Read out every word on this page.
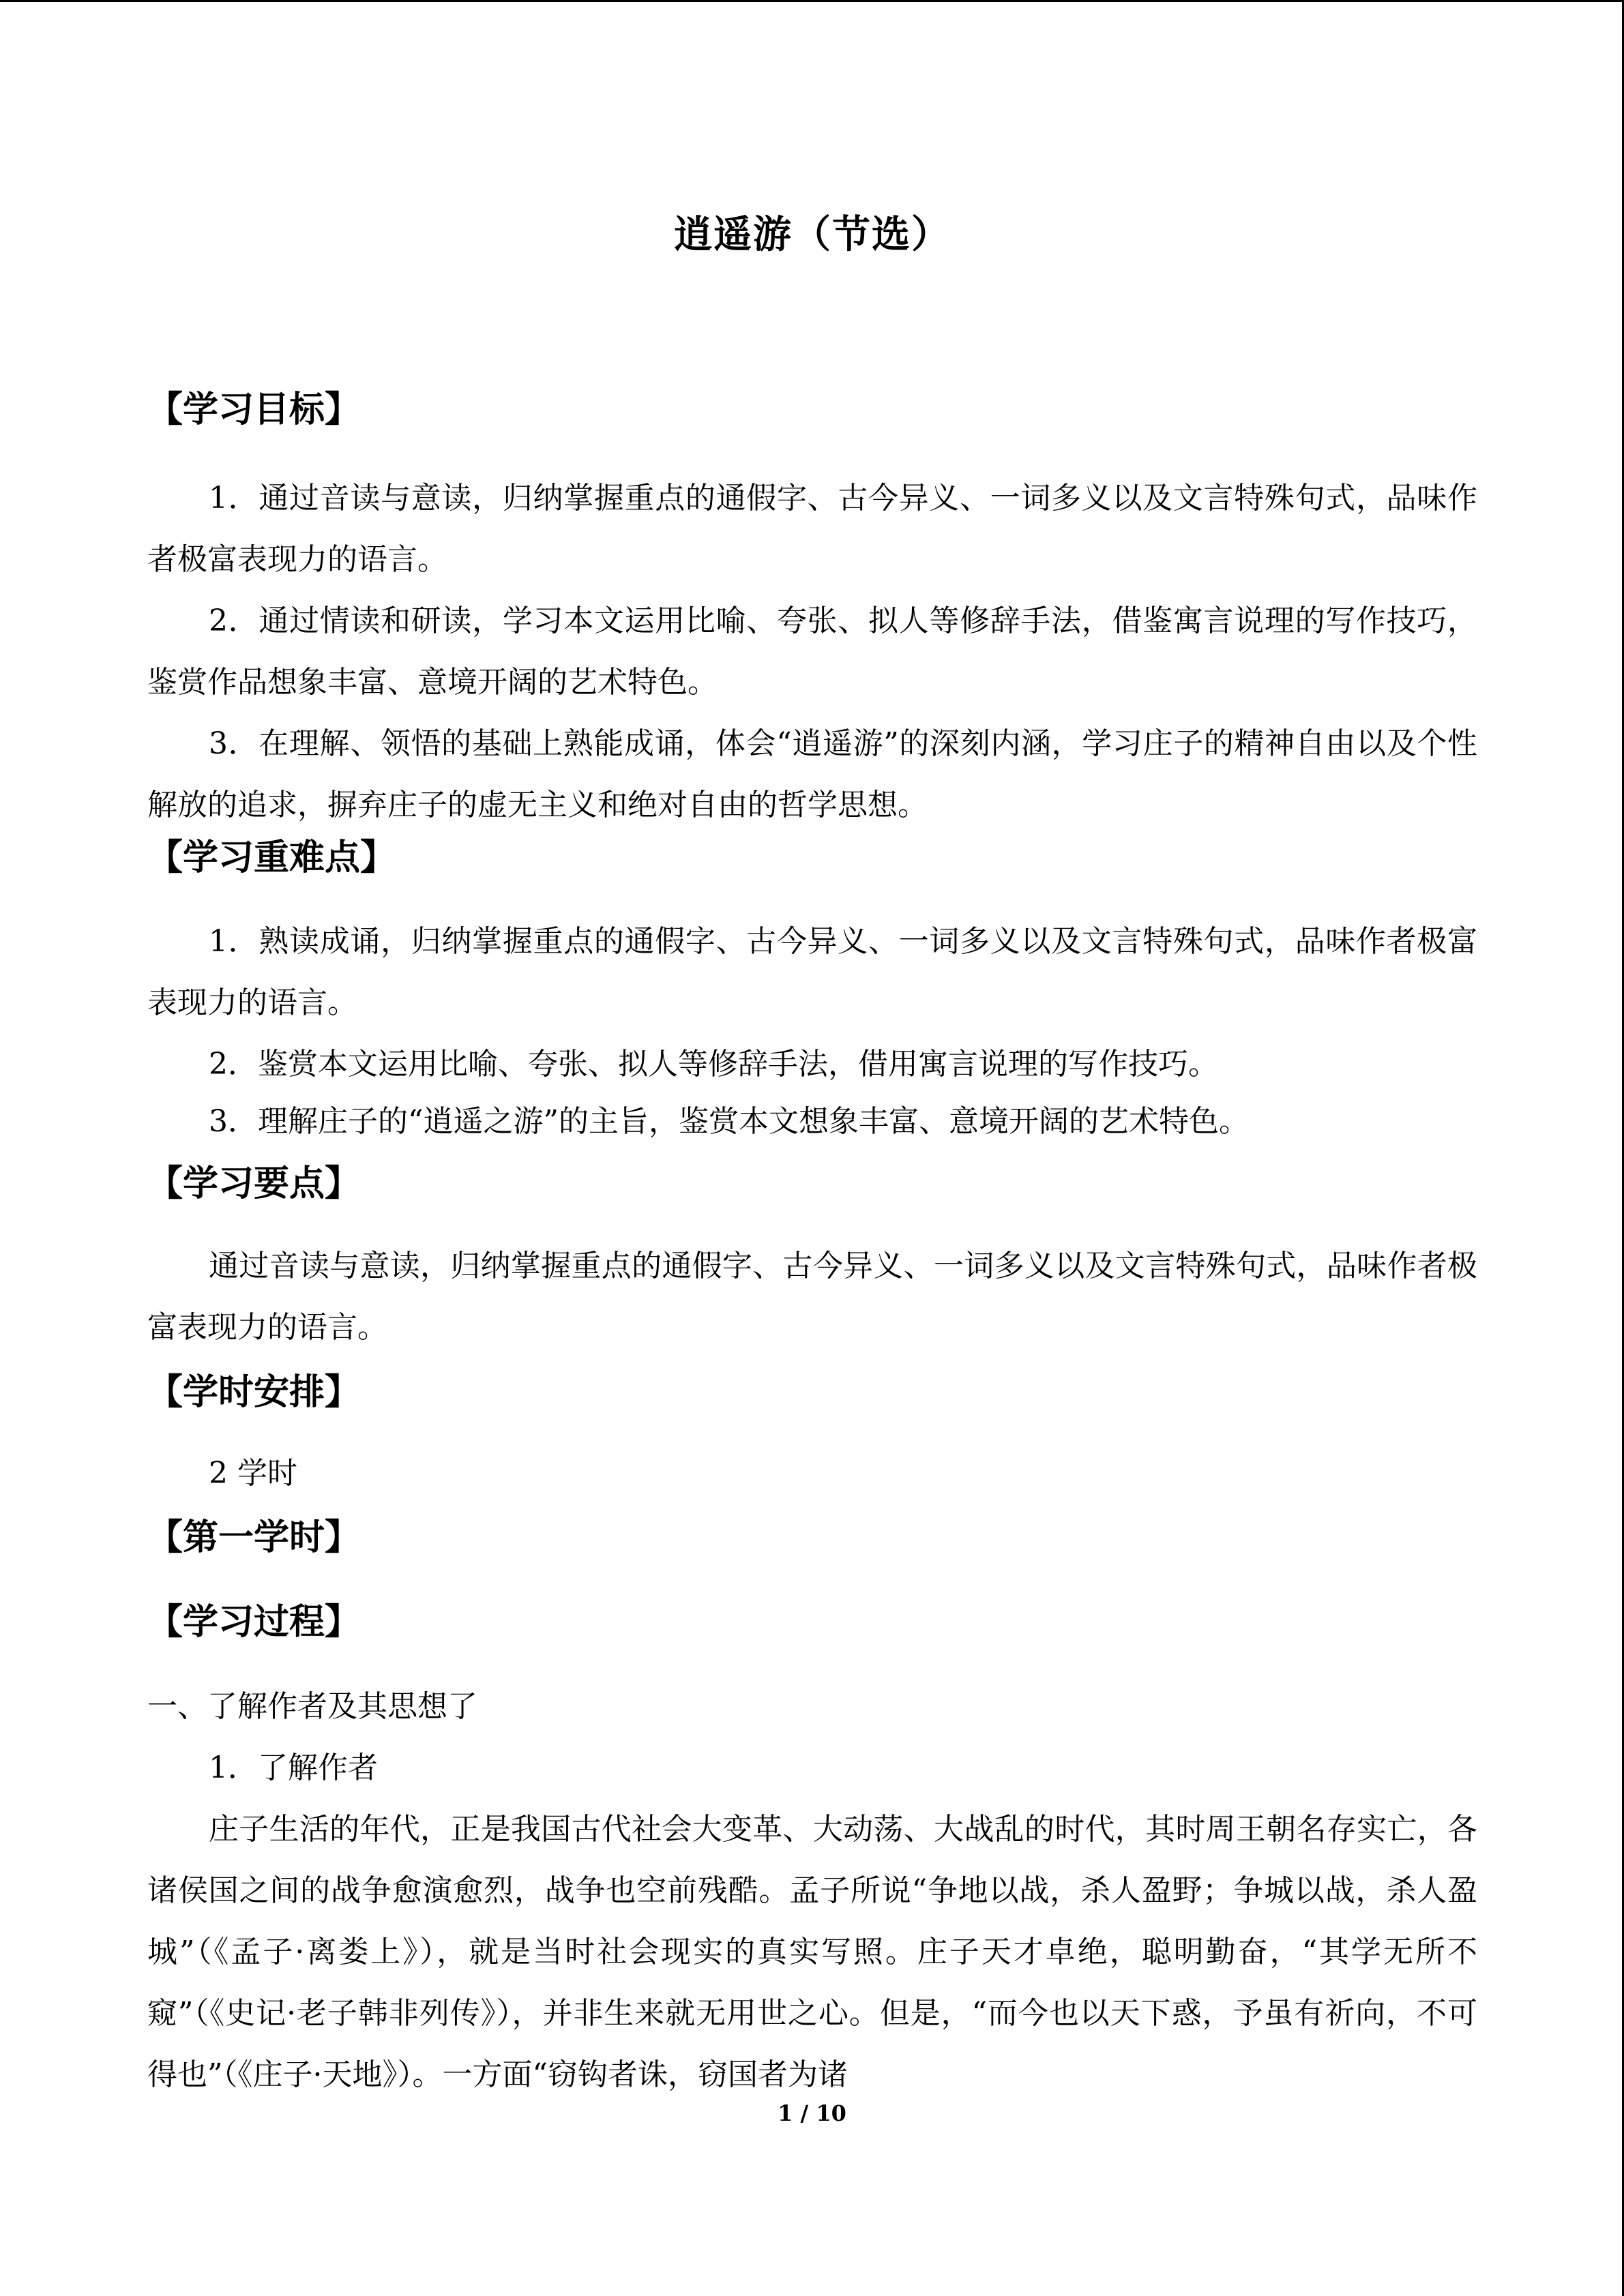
逍遥游（节选）
【学习目标】

1．通过音读与意读，归纳掌握重点的通假字、古今异义、一词多义以及文言特殊句式，品味作者极富表现力的语言。

2．通过情读和研读，学习本文运用比喻、夸张、拟人等修辞手法，借鉴寓言说理的写作技巧，鉴赏作品想象丰富、意境开阔的艺术特色。

3．在理解、领悟的基础上熟能成诵，体会“逍遥游”的深刻内涵，学习庄子的精神自由以及个性解放的追求，摒弃庄子的虚无主义和绝对自由的哲学思想。

【学习重难点】

1．熟读成诵，归纳掌握重点的通假字、古今异义、一词多义以及文言特殊句式，品味作者极富表现力的语言。

2．鉴赏本文运用比喻、夸张、拟人等修辞手法，借用寓言说理的写作技巧。

3．理解庄子的“逍遥之游”的主旨，鉴赏本文想象丰富、意境开阔的艺术特色。

【学习要点】

通过音读与意读，归纳掌握重点的通假字、古今异义、一词多义以及文言特殊句式，品味作者极富表现力的语言。

【学时安排】

2 学时

【第一学时】
【学习过程】

一、了解作者及其思想了

1．了解作者

庄子生活的年代，正是我国古代社会大变革、大动荡、大战乱的时代，其时周王朝名存实亡，各诸侯国之间的战争愈演愈烈，战争也空前残酷。孟子所说“争地以战，杀人盈野；争城以战，杀人盈城”（《孟子·离娄上》），就是当时社会现实的真实写照。庄子天才卓绝，聪明勤奋，“其学无所不窥”（《史记·老子韩非列传》），并非生来就无用世之心。但是，“而今也以天下惑，予虽有祈向，不可得也”（《庄子·天地》）。一方面“窃钩者诛，窃国者为诸

1 / 10
